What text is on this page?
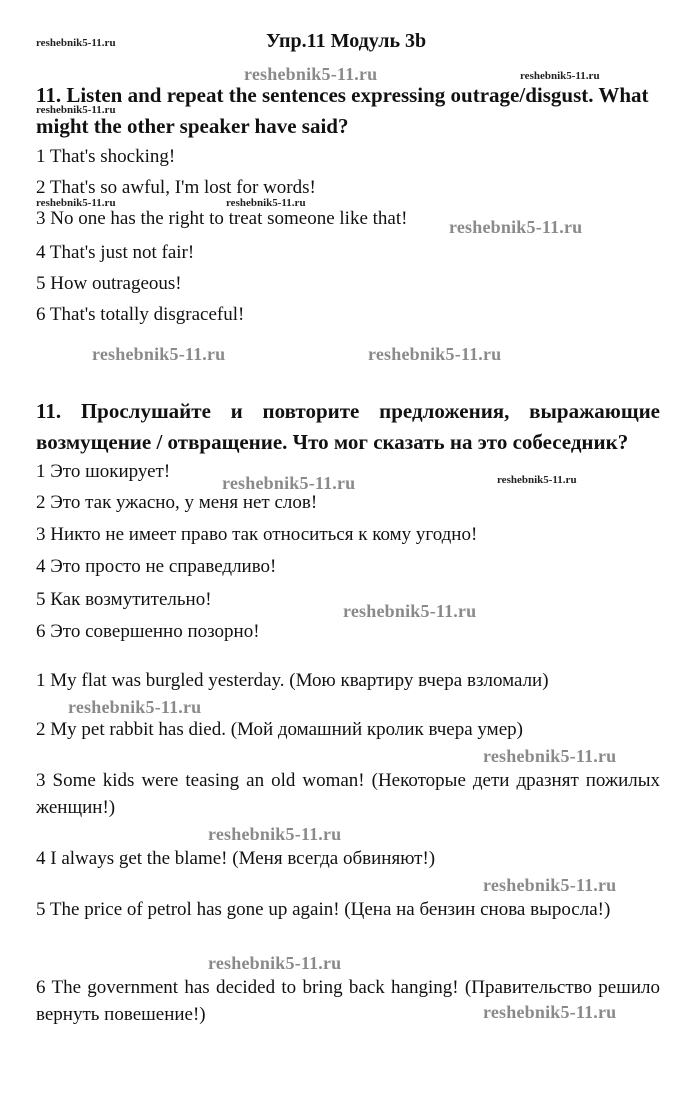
reshebnik5-11.ru	Упр.11 Модуль 3b
reshebnik5-11.ru	reshebnik5-11.ru
reshebnik5-11.ru
11. Listen and repeat the sentences expressing outrage/disgust. What might the other speaker have said?
1 That's shocking!
2 That's so awful, I'm lost for words!
reshebnik5-11.ru	reshebnik5-11.ru
3 No one has the right to treat someone like that! reshebnik5-11.ru
4 That's just not fair!
5 How outrageous!
6 That's totally disgraceful!
reshebnik5-11.ru	reshebnik5-11.ru
11. Прослушайте и повторите предложения, выражающие возмущение / отвращение. Что мог сказать на это собеседник?
1 Это шокирует!
reshebnik5-11.ru	reshebnik5-11.ru
2 Это так ужасно, у меня нет слов!
3 Никто не имеет право так относиться к кому угодно!
4 Это просто не справедливо!
5 Как возмутительно!
reshebnik5-11.ru
6 Это совершенно позорно!
1 My flat was burgled yesterday. (Мою квартиру вчера взломали)
reshebnik5-11.ru
2 My pet rabbit has died. (Мой домашний кролик вчера умер)
reshebnik5-11.ru
3 Some kids were teasing an old woman! (Некоторые дети дразнят пожилых женщин!)
reshebnik5-11.ru
4 I always get the blame! (Меня всегда обвиняют!)
reshebnik5-11.ru
5 The price of petrol has gone up again! (Цена на бензин снова выросла!)
reshebnik5-11.ru
6 The government has decided to bring back hanging! (Правительство решило вернуть повешение!)	reshebnik5-11.ru
